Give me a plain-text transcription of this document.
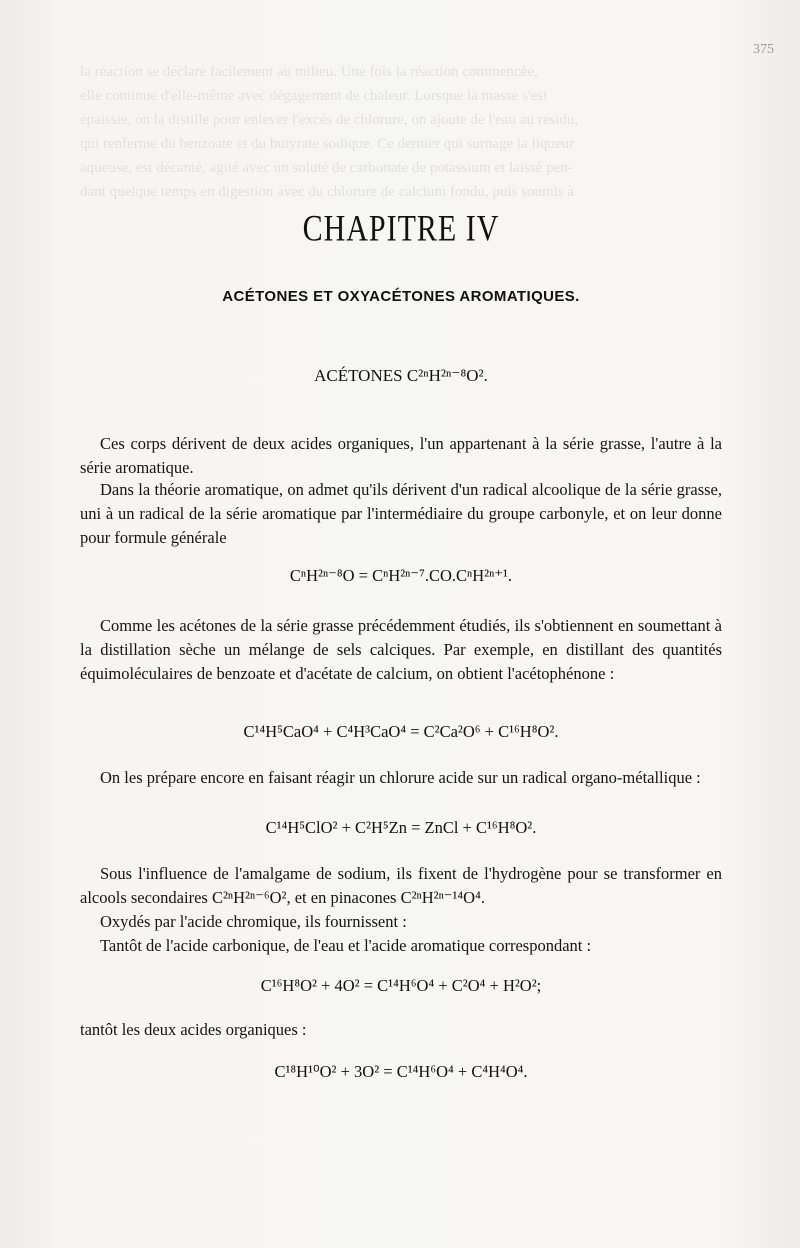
la réaction se déclare facilement au milieu. Une fois la réaction commencée,
elle continue d'elle-même avec dégagement de chaleur. Lorsque la masse s'est
épaissie, on la distille pour enlever l'excès de chlorure, on ajoute de l'eau au résidu,
qui renferme du benzoate et du butyrate sodique. Ce dernier qui surnage la liqueur
aqueuse, est décanté, agité avec un soluté de carbonate de potassium et laissé pen-
dant quelque temps en digestion avec du chlorure de calcium fondu, puis soumis à
375
CHAPITRE IV
ACÉTONES ET OXYACÉTONES AROMATIQUES.
ACÉTONES C²ⁿH²ⁿ⁻⁸O².
Ces corps dérivent de deux acides organiques, l'un appartenant à la série grasse, l'autre à la série aromatique.
Dans la théorie aromatique, on admet qu'ils dérivent d'un radical alcoolique de la série grasse, uni à un radical de la série aromatique par l'intermédiaire du groupe carbonyle, et on leur donne pour formule générale
CⁿH²ⁿ⁻⁸O = CⁿH²ⁿ⁻⁷.CO.CⁿH²ⁿ⁺¹.
Comme les acétones de la série grasse précédemment étudiés, ils s'obtiennent en soumettant à la distillation sèche un mélange de sels calciques. Par exemple, en distillant des quantités équimoléculaires de benzoate et d'acétate de calcium, on obtient l'acétophénone :
C¹⁴H⁵CaO⁴ + C⁴H³CaO⁴ = C²Ca²O⁶ + C¹⁶H⁸O².
On les prépare encore en faisant réagir un chlorure acide sur un radical organo-métallique :
C¹⁴H⁵ClO² + C²H⁵Zn = ZnCl + C¹⁶H⁸O².
Sous l'influence de l'amalgame de sodium, ils fixent de l'hydrogène pour se transformer en alcools secondaires C²ⁿH²ⁿ⁻⁶O², et en pinacones C²ⁿH²ⁿ⁻¹⁴O⁴.
Oxydés par l'acide chromique, ils fournissent :
Tantôt de l'acide carbonique, de l'eau et l'acide aromatique correspondant :
C¹⁶H⁸O² + 4O² = C¹⁴H⁶O⁴ + C²O⁴ + H²O²;
tantôt les deux acides organiques :
C¹⁸H¹⁰O² + 3O² = C¹⁴H⁶O⁴ + C⁴H⁴O⁴.
